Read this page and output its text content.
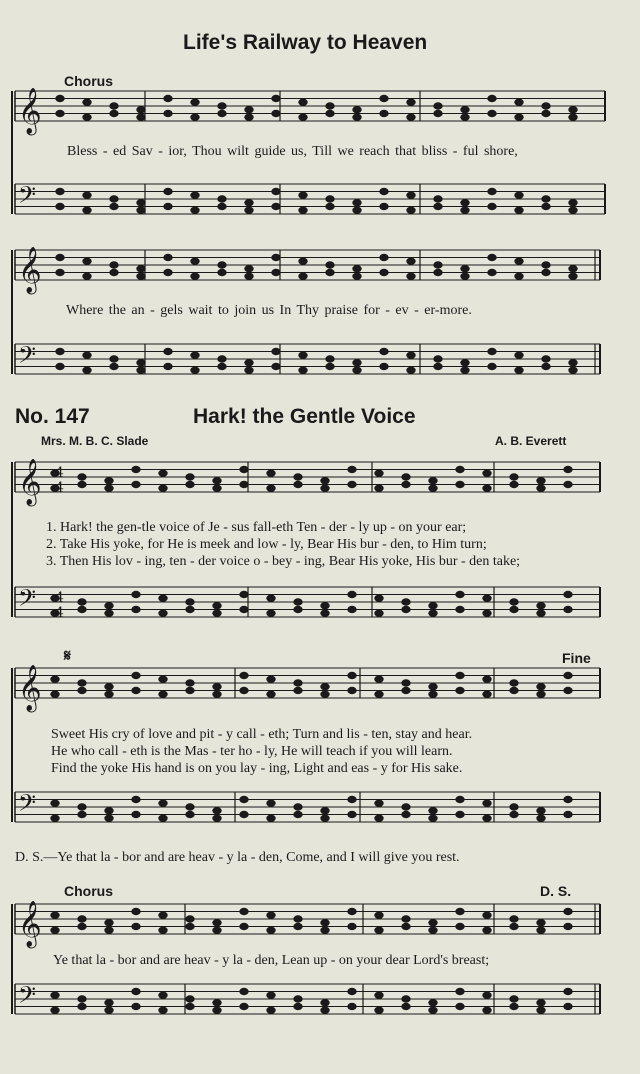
Life's Railway to Heaven
Chorus
Bless - ed Sav - ior, Thou wilt guide us, Till we reach that bliss - ful shore,
Where the an - gels wait to join us In Thy praise for - ev - er-more.
No. 147	Hark! the Gentle Voice
Mrs. M. B. C. Slade	A. B. Everett
1. Hark! the gen-tle voice of Je - sus fall-eth Ten - der - ly up - on your ear;
2. Take His yoke, for He is meek and low - ly, Bear His bur - den, to Him turn;
3. Then His lov - ing, ten - der voice o - bey - ing, Bear His yoke, His bur - den take;
𝄋	Fine
Sweet His cry of love and pit - y call - eth; Turn and lis - ten, stay and hear.
He who call - eth is the Mas - ter ho - ly, He will teach if you will learn.
Find the yoke His hand is on you lay - ing, Light and eas - y for His sake.
D. S.—Ye that la - bor and are heav - y la - den, Come, and I will give you rest.
Chorus	D. S.
Ye that la - bor and are heav - y la - den, Lean up - on your dear Lord's breast;
𝄞
𝄢
𝄞
𝄢
𝄞
𝄢
𝄞
𝄢
𝄞
𝄢
4
4
4
4
